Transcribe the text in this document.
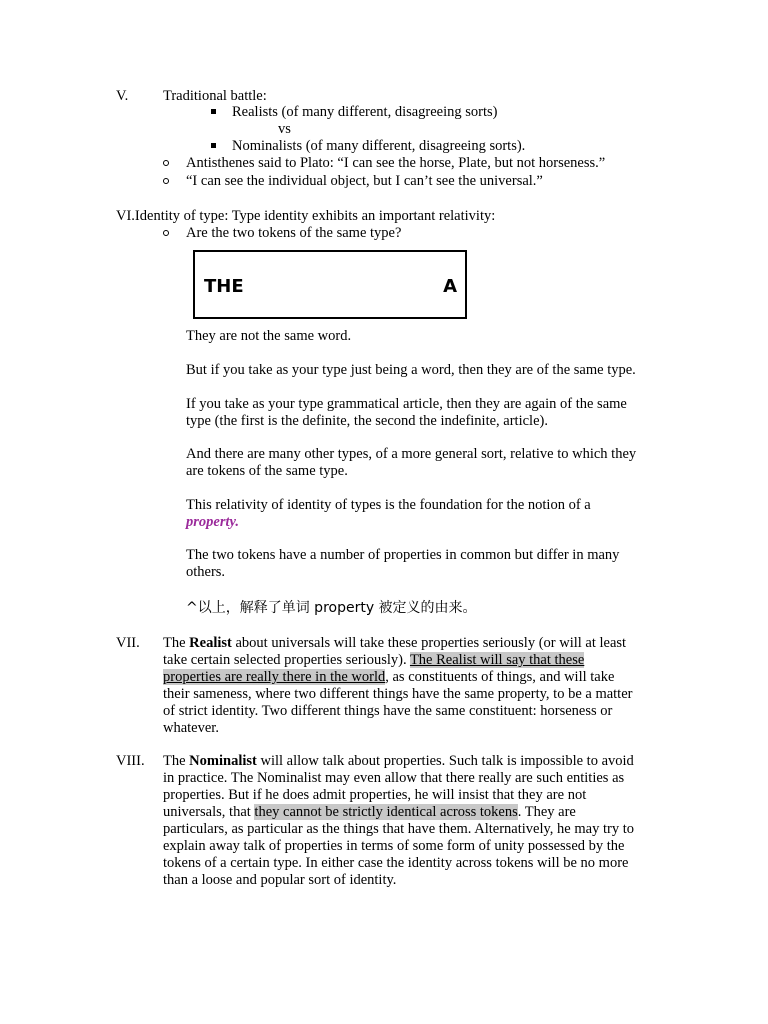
V. Traditional battle:
Realists (of many different, disagreeing sorts)
vs
Nominalists (of many different, disagreeing sorts).
Antisthenes said to Plato: “I can see the horse, Plate, but not horseness.”
“I can see the individual object, but I can’t see the universal.”
VI.Identity of type: Type identity exhibits an important relativity:
Are the two tokens of the same type?
THE	A
They are not the same word.
But if you take as your type just being a word, then they are of the same type.
If you take as your type grammatical article, then they are again of the same
type (the first is the definite, the second the indefinite, article).
And there are many other types, of a more general sort, relative to which they
are tokens of the same type.
This relativity of identity of types is the foundation for the notion of a
property.
The two tokens have a number of properties in common but differ in many
others.
^以上，解释了单词 property 被定义的由来。
VII. The Realist about universals will take these properties seriously (or will at least
take certain selected properties seriously). The Realist will say that these
properties are really there in the world, as constituents of things, and will take
their sameness, where two different things have the same property, to be a matter
of strict identity. Two different things have the same constituent: horseness or
whatever.
VIII. The Nominalist will allow talk about properties. Such talk is impossible to avoid
in practice. The Nominalist may even allow that there really are such entities as
properties. But if he does admit properties, he will insist that they are not
universals, that they cannot be strictly identical across tokens. They are
particulars, as particular as the things that have them. Alternatively, he may try to
explain away talk of properties in terms of some form of unity possessed by the
tokens of a certain type. In either case the identity across tokens will be no more
than a loose and popular sort of identity.
